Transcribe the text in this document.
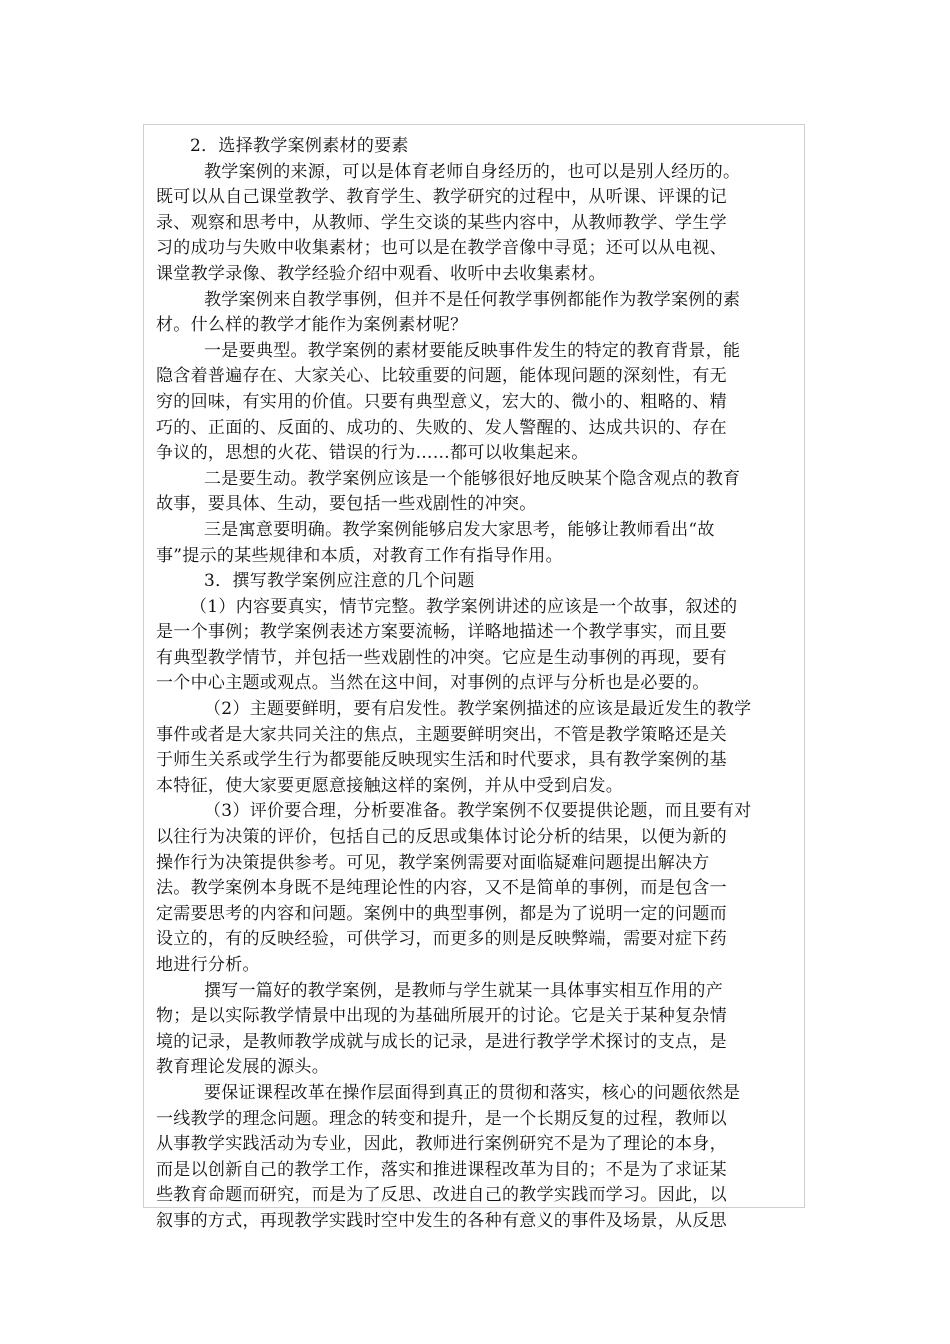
2．选择教学案例素材的要素
教学案例的来源，可以是体育老师自身经历的，也可以是别人经历的。
既可以从自己课堂教学、教育学生、教学研究的过程中，从听课、评课的记
录、观察和思考中，从教师、学生交谈的某些内容中，从教师教学、学生学
习的成功与失败中收集素材；也可以是在教学音像中寻觅；还可以从电视、
课堂教学录像、教学经验介绍中观看、收听中去收集素材。
教学案例来自教学事例，但并不是任何教学事例都能作为教学案例的素
材。什么样的教学才能作为案例素材呢？
一是要典型。教学案例的素材要能反映事件发生的特定的教育背景，能
隐含着普遍存在、大家关心、比较重要的问题，能体现问题的深刻性，有无
穷的回味，有实用的价值。只要有典型意义，宏大的、微小的、粗略的、精
巧的、正面的、反面的、成功的、失败的、发人警醒的、达成共识的、存在
争议的，思想的火花、错误的行为……都可以收集起来。
二是要生动。教学案例应该是一个能够很好地反映某个隐含观点的教育
故事，要具体、生动，要包括一些戏剧性的冲突。
三是寓意要明确。教学案例能够启发大家思考，能够让教师看出“故
事”提示的某些规律和本质，对教育工作有指导作用。
3．撰写教学案例应注意的几个问题
（1）内容要真实，情节完整。教学案例讲述的应该是一个故事，叙述的
是一个事例；教学案例表述方案要流畅，详略地描述一个教学事实，而且要
有典型教学情节，并包括一些戏剧性的冲突。它应是生动事例的再现，要有
一个中心主题或观点。当然在这中间，对事例的点评与分析也是必要的。
（2）主题要鲜明，要有启发性。教学案例描述的应该是最近发生的教学
事件或者是大家共同关注的焦点，主题要鲜明突出，不管是教学策略还是关
于师生关系或学生行为都要能反映现实生活和时代要求，具有教学案例的基
本特征，使大家要更愿意接触这样的案例，并从中受到启发。
（3）评价要合理，分析要准备。教学案例不仅要提供论题，而且要有对
以往行为决策的评价，包括自己的反思或集体讨论分析的结果，以便为新的
操作行为决策提供参考。可见，教学案例需要对面临疑难问题提出解决方
法。教学案例本身既不是纯理论性的内容，又不是简单的事例，而是包含一
定需要思考的内容和问题。案例中的典型事例，都是为了说明一定的问题而
设立的，有的反映经验，可供学习，而更多的则是反映弊端，需要对症下药
地进行分析。
撰写一篇好的教学案例，是教师与学生就某一具体事实相互作用的产
物；是以实际教学情景中出现的为基础所展开的讨论。它是关于某种复杂情
境的记录，是教师教学成就与成长的记录，是进行教学学术探讨的支点，是
教育理论发展的源头。
要保证课程改革在操作层面得到真正的贯彻和落实，核心的问题依然是
一线教学的理念问题。理念的转变和提升，是一个长期反复的过程，教师以
从事教学实践活动为专业，因此，教师进行案例研究不是为了理论的本身，
而是以创新自己的教学工作，落实和推进课程改革为目的；不是为了求证某
些教育命题而研究，而是为了反思、改进自己的教学实践而学习。因此，以
叙事的方式，再现教学实践时空中发生的各种有意义的事件及场景，从反思
